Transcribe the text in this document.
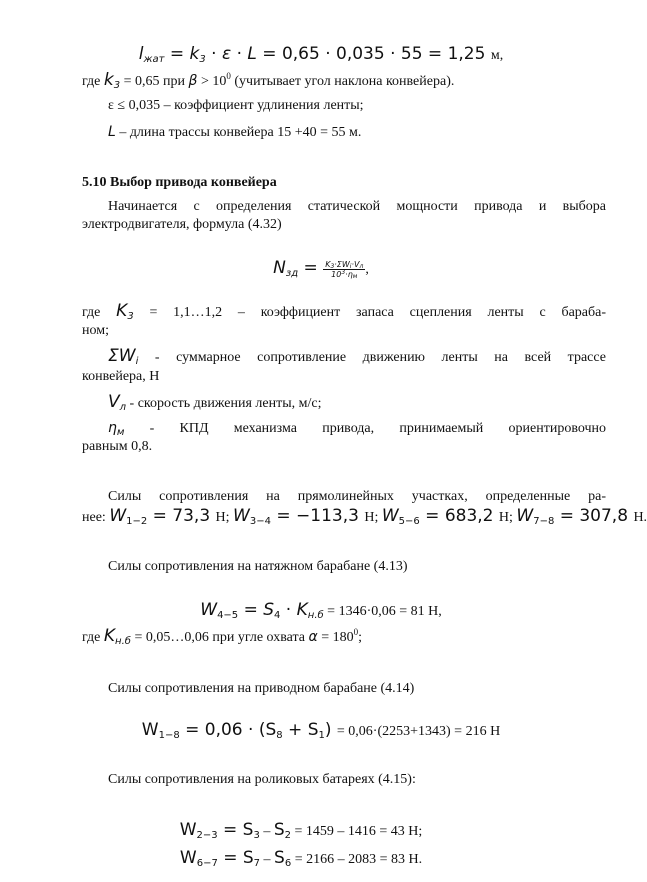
$l_{жат} = k_3 \cdot \varepsilon \cdot L = 0,65 \cdot 0,035 \cdot 55 = 1,25$ м,
где $k_3 = 0,65$ при $\beta > 10^0$ (учитывает угол наклона конвейера).
ε ≤ 0,035 – коэффициент удлинения ленты;
L – длина трассы конвейера 15 +40 = 55 м.
5.10 Выбор привода конвейера
Начинается с определения статической мощности привода и выбора
электродвигателя, формула (4.32)
$N_{зд} = \frac{K_3\cdot\Sigma W_i\cdot V_л}{10^3\cdot\eta_м}$ ,
где $K_3$ = 1,1…1,2 – коэффициент запаса сцепления ленты с бараба-
ном;
$\Sigma W_i$ - суммарное сопротивление движению ленты на всей трассе
конвейера, Н
$V_л$ - скорость движения ленты, м/с;
$\eta_м$ - КПД механизма привода, принимаемый ориентировочно
равным 0,8.
Силы сопротивления на прямолинейных участках, определенные ра-
нее: $W_{1-2} = 73,3$ Н; $W_{3-4} = -113,3$ Н; $W_{5-6} = 683,2$ Н; $W_{7-8} = 307,8$ Н.
Силы сопротивления на натяжном барабане (4.13)
$W_{4-5} = S_4 \cdot K_{н.б} = 1346\cdot 0,06 = 81$ Н,
где $K_{н.б}$ = 0,05…0,06 при угле охвата $\alpha = 180^0$;
Силы сопротивления на приводном барабане (4.14)
$W_{1-8} = 0,06 \cdot (S_8 + S_1) = 0,06\cdot(2253+1343) = 216$ Н
Силы сопротивления на роликовых батареях (4.15):
$W_{2-3} = S_3 - S_2 = 1459 - 1416 = 43$ Н;
$W_{6-7} = S_7 - S_6 = 2166 - 2083 = 83$ Н.
